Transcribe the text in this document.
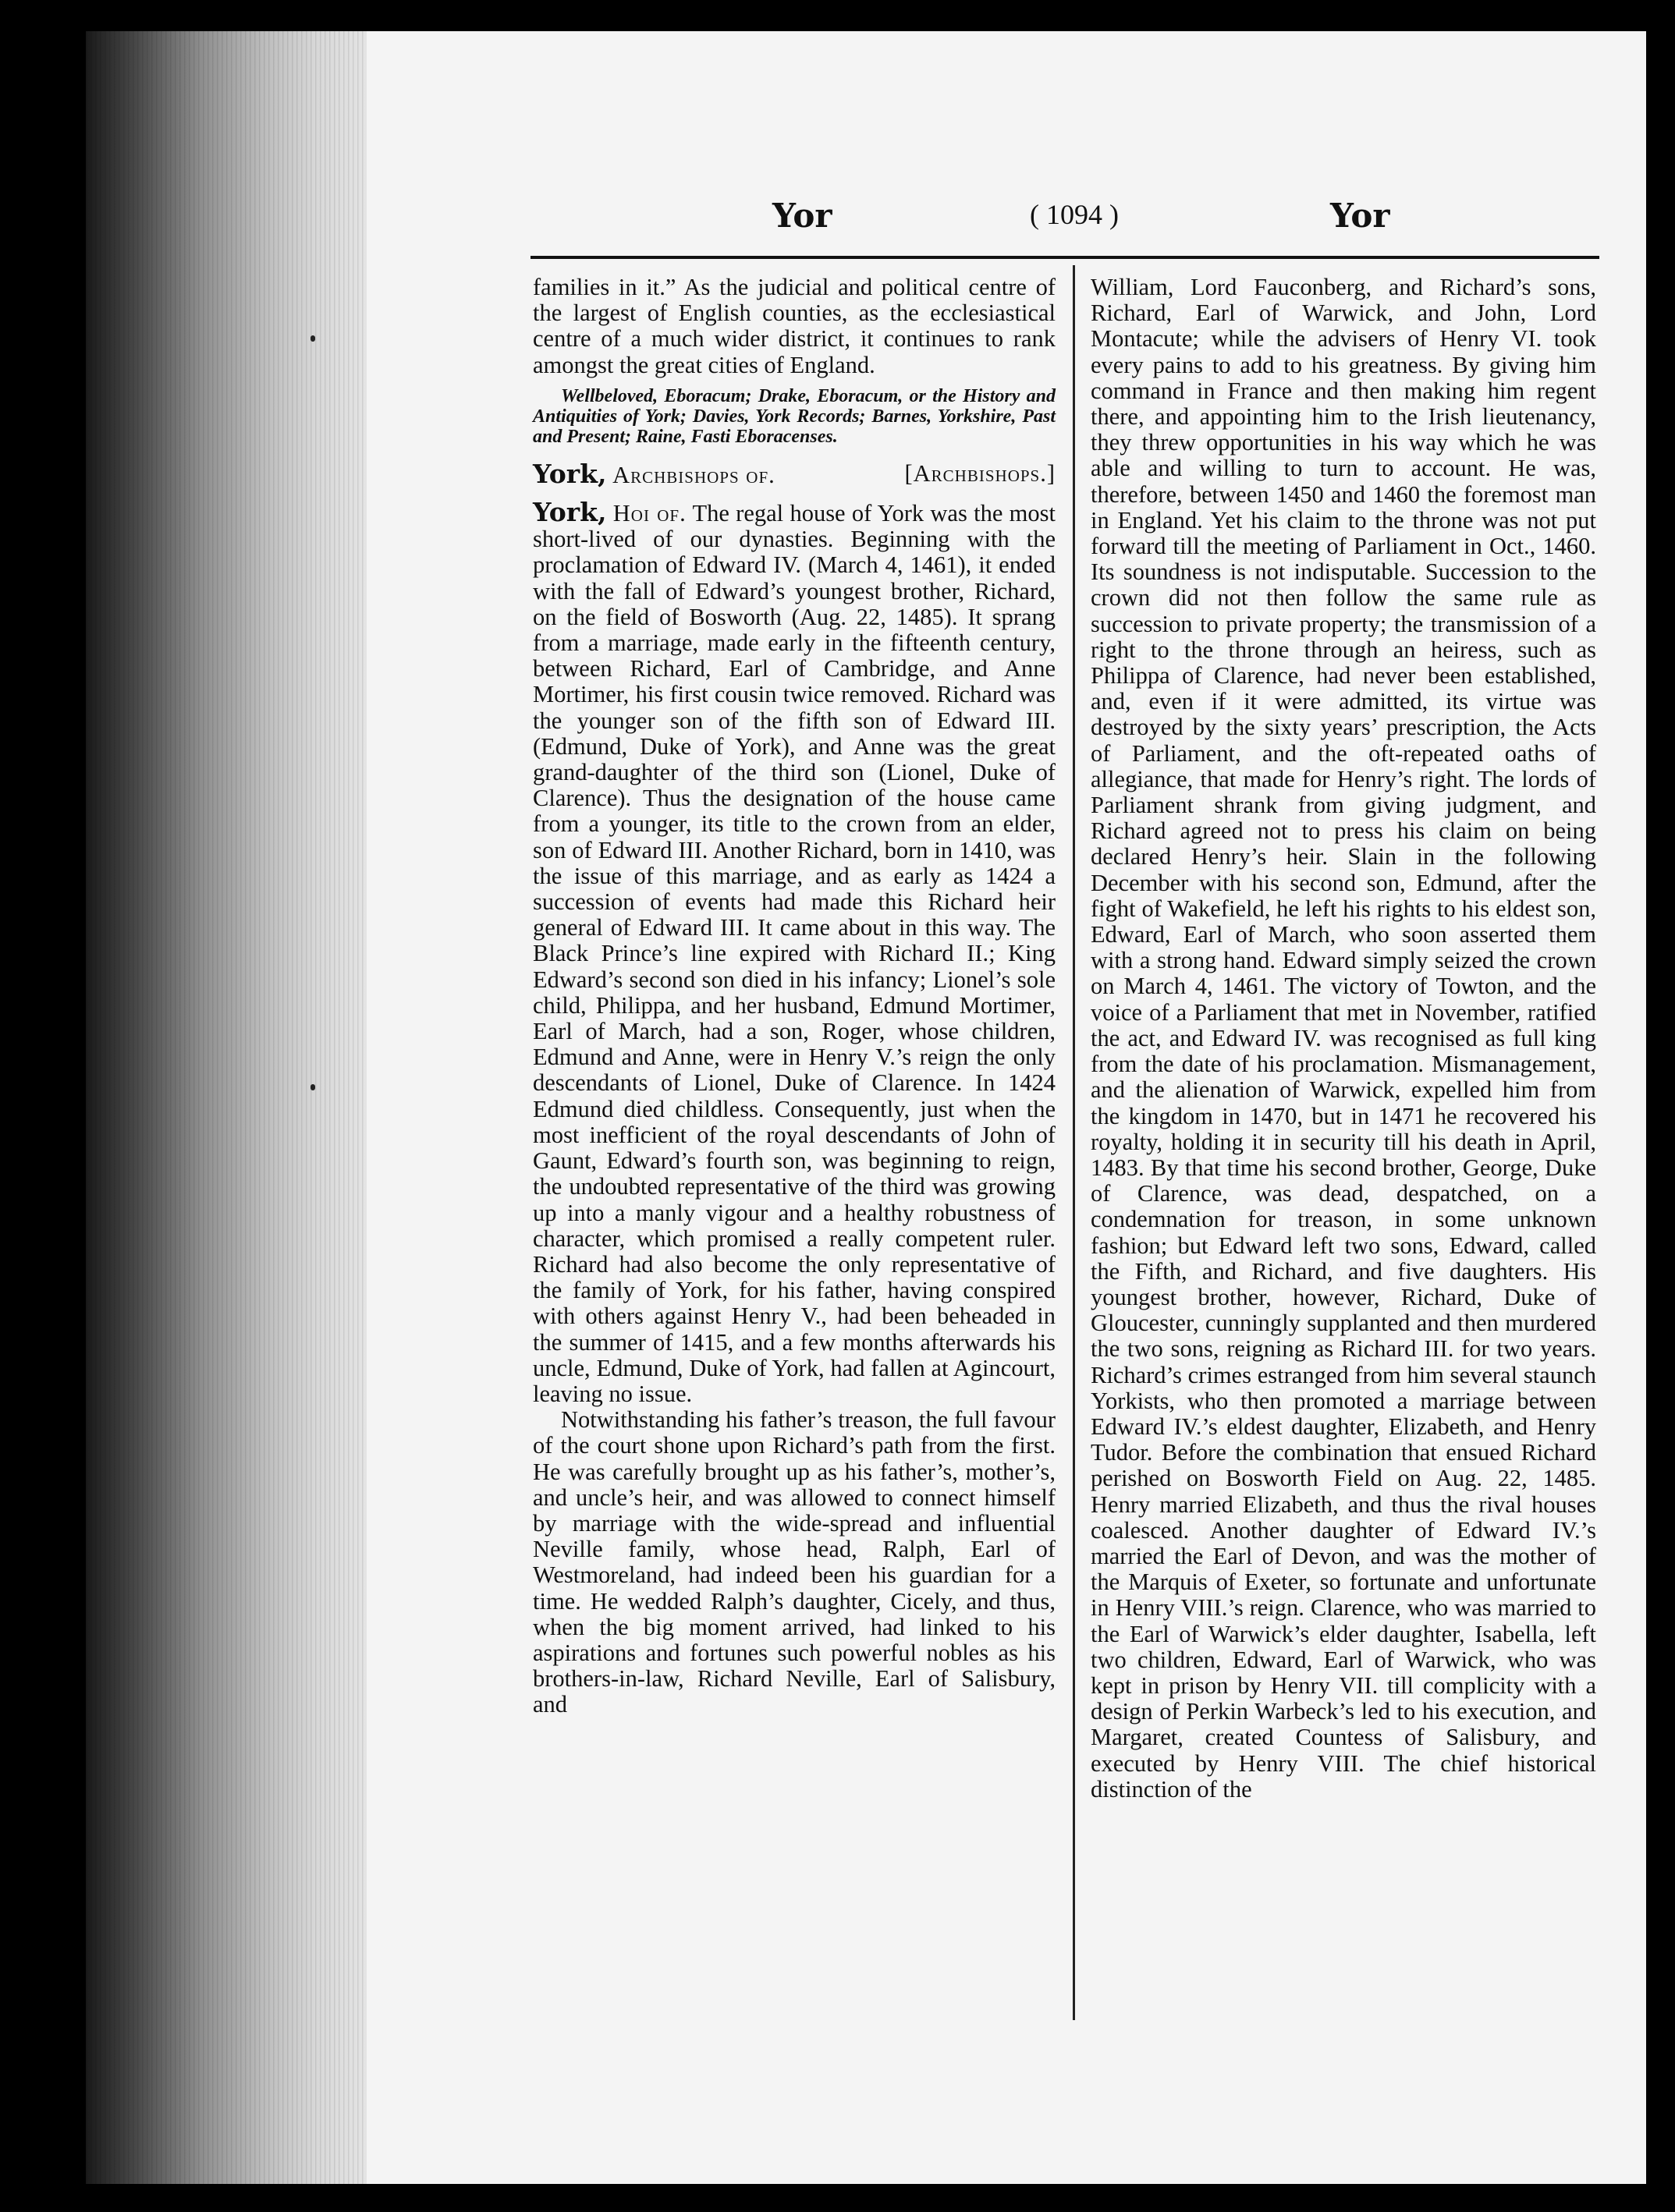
Yor	( 1094 )	Yor

families in it.” As the judicial and political centre of the largest of English counties, as the ecclesiastical centre of a much wider district, it continues to rank amongst the great cities of England.

Wellbeloved, Eboracum; Drake, Eboracum, or the History and Antiquities of York; Davies, York Records; Barnes, Yorkshire, Past and Present; Raine, Fasti Eboracenses.

York, Archbishops of.	[Archbishops.]

York, Hoi of. The regal house of York was the most short-lived of our dynasties. Beginning with the proclamation of Edward IV. (March 4, 1461), it ended with the fall of Edward’s youngest brother, Richard, on the field of Bosworth (Aug. 22, 1485). It sprang from a marriage, made early in the fifteenth century, between Richard, Earl of Cambridge, and Anne Mortimer, his first cousin twice removed. Richard was the younger son of the fifth son of Edward III. (Edmund, Duke of York), and Anne was the great grand-daughter of the third son (Lionel, Duke of Clarence). Thus the designation of the house came from a younger, its title to the crown from an elder, son of Edward III. Another Richard, born in 1410, was the issue of this marriage, and as early as 1424 a succession of events had made this Richard heir general of Edward III. It came about in this way. The Black Prince’s line expired with Richard II.; King Edward’s second son died in his infancy; Lionel’s sole child, Philippa, and her husband, Edmund Mortimer, Earl of March, had a son, Roger, whose children, Edmund and Anne, were in Henry V.’s reign the only descendants of Lionel, Duke of Clarence. In 1424 Edmund died childless. Consequently, just when the most inefficient of the royal descendants of John of Gaunt, Edward’s fourth son, was beginning to reign, the undoubted representative of the third was growing up into a manly vigour and a healthy robustness of character, which promised a really competent ruler. Richard had also become the only representative of the family of York, for his father, having conspired with others against Henry V., had been beheaded in the summer of 1415, and a few months afterwards his uncle, Edmund, Duke of York, had fallen at Agincourt, leaving no issue.

Notwithstanding his father’s treason, the full favour of the court shone upon Richard’s path from the first. He was carefully brought up as his father’s, mother’s, and uncle’s heir, and was allowed to connect himself by marriage with the wide-spread and influential Neville family, whose head, Ralph, Earl of Westmoreland, had indeed been his guardian for a time. He wedded Ralph’s daughter, Cicely, and thus, when the big moment arrived, had linked to his aspirations and fortunes such powerful nobles as his brothers-in-law, Richard Neville, Earl of Salisbury, and

William, Lord Fauconberg, and Richard’s sons, Richard, Earl of Warwick, and John, Lord Montacute; while the advisers of Henry VI. took every pains to add to his greatness. By giving him command in France and then making him regent there, and appointing him to the Irish lieutenancy, they threw opportunities in his way which he was able and willing to turn to account. He was, therefore, between 1450 and 1460 the foremost man in England. Yet his claim to the throne was not put forward till the meeting of Parliament in Oct., 1460. Its soundness is not indisputable. Succession to the crown did not then follow the same rule as succession to private property; the transmission of a right to the throne through an heiress, such as Philippa of Clarence, had never been established, and, even if it were admitted, its virtue was destroyed by the sixty years’ prescription, the Acts of Parliament, and the oft-repeated oaths of allegiance, that made for Henry’s right. The lords of Parliament shrank from giving judgment, and Richard agreed not to press his claim on being declared Henry’s heir. Slain in the following December with his second son, Edmund, after the fight of Wakefield, he left his rights to his eldest son, Edward, Earl of March, who soon asserted them with a strong hand. Edward simply seized the crown on March 4, 1461. The victory of Towton, and the voice of a Parliament that met in November, ratified the act, and Edward IV. was recognised as full king from the date of his proclamation. Mismanagement, and the alienation of Warwick, expelled him from the kingdom in 1470, but in 1471 he recovered his royalty, holding it in security till his death in April, 1483. By that time his second brother, George, Duke of Clarence, was dead, despatched, on a condemnation for treason, in some unknown fashion; but Edward left two sons, Edward, called the Fifth, and Richard, and five daughters. His youngest brother, however, Richard, Duke of Gloucester, cunningly supplanted and then murdered the two sons, reigning as Richard III. for two years. Richard’s crimes estranged from him several staunch Yorkists, who then promoted a marriage between Edward IV.’s eldest daughter, Elizabeth, and Henry Tudor. Before the combination that ensued Richard perished on Bosworth Field on Aug. 22, 1485. Henry married Elizabeth, and thus the rival houses coalesced. Another daughter of Edward IV.’s married the Earl of Devon, and was the mother of the Marquis of Exeter, so fortunate and unfortunate in Henry VIII.’s reign. Clarence, who was married to the Earl of Warwick’s elder daughter, Isabella, left two children, Edward, Earl of Warwick, who was kept in prison by Henry VII. till complicity with a design of Perkin Warbeck’s led to his execution, and Margaret, created Countess of Salisbury, and executed by Henry VIII. The chief historical distinction of the
